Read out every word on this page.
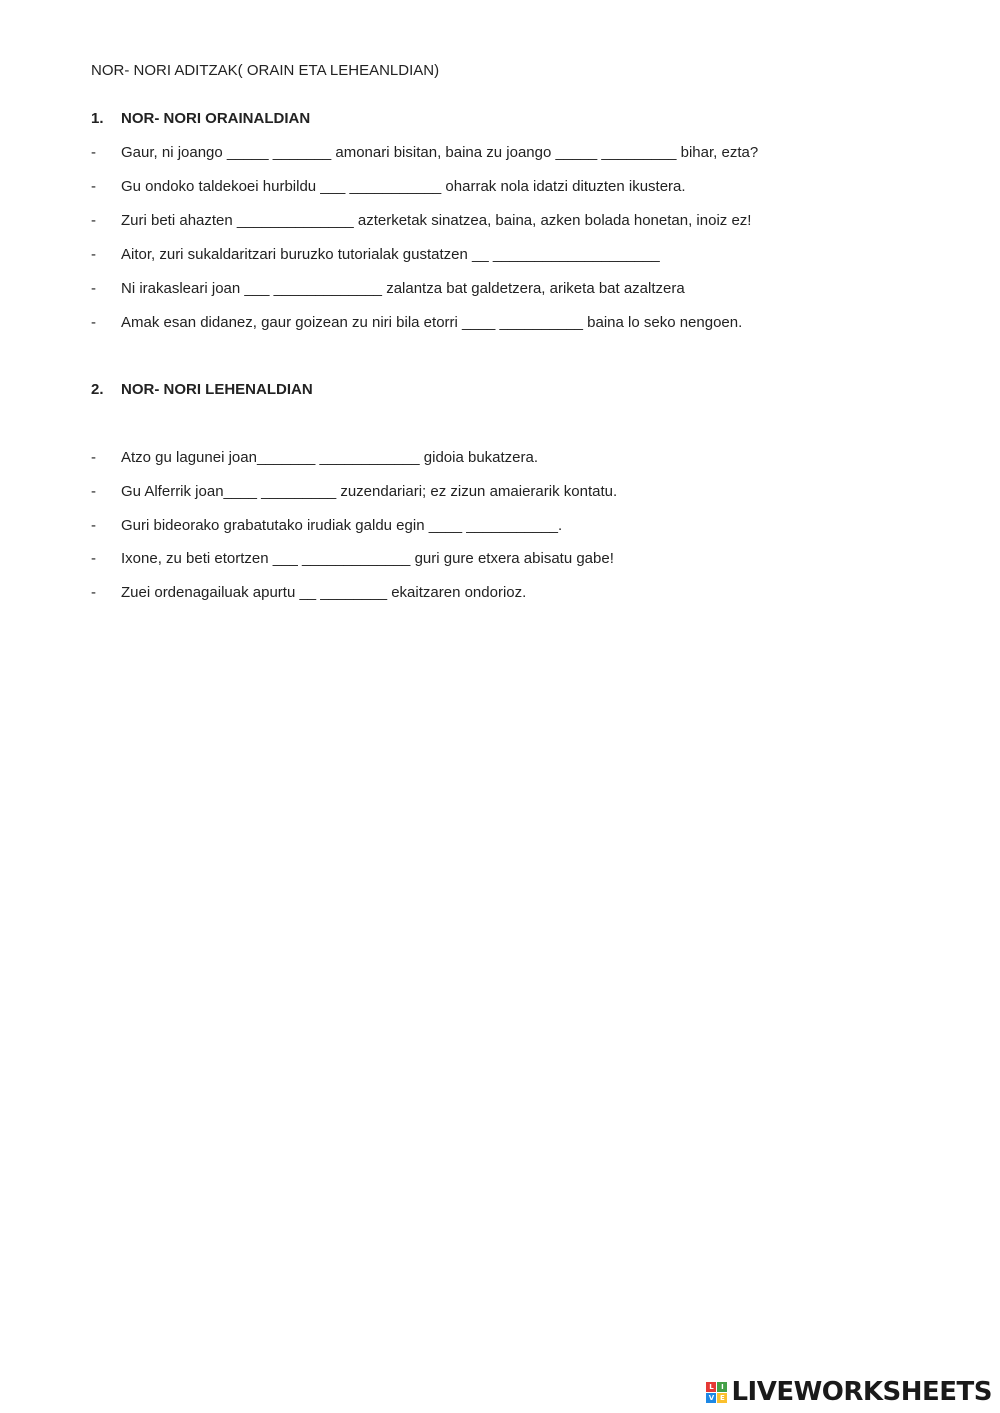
NOR- NORI ADITZAK( ORAIN ETA LEHEANLDIAN)
1. NOR- NORI ORAINALDIAN
- Gaur, ni joango _____ _______ amonari bisitan, baina zu joango _____ _________ bihar, ezta?
- Gu ondoko taldekoei hurbildu ___ ___________ oharrak nola idatzi dituzten ikustera.
- Zuri beti ahazten ______________ azterketak sinatzea, baina, azken bolada honetan, inoiz ez!
- Aitor, zuri sukaldaritzari buruzko tutorialak gustatzen __ ____________________
- Ni irakasleari joan ___ _____________ zalantza bat galdetzera, ariketa bat azaltzera
- Amak esan didanez, gaur goizean zu niri bila etorri ____ __________ baina lo seko nengoen.
2. NOR- NORI LEHENALDIAN
- Atzo gu lagunei joan_______ ____________ gidoia bukatzera.
- Gu Alferrik joan____ _________ zuzendariari; ez zizun amaierarik kontatu.
- Guri bideorako grabatutako irudiak galdu egin ____ ___________.
- Ixone, zu beti etortzen ___ _____________ guri gure etxera abisatu gabe!
- Zuei ordenagailuak apurtu __ ________ ekaitzaren ondorioz.
L	I
V E LIVEWORKSHEETS
